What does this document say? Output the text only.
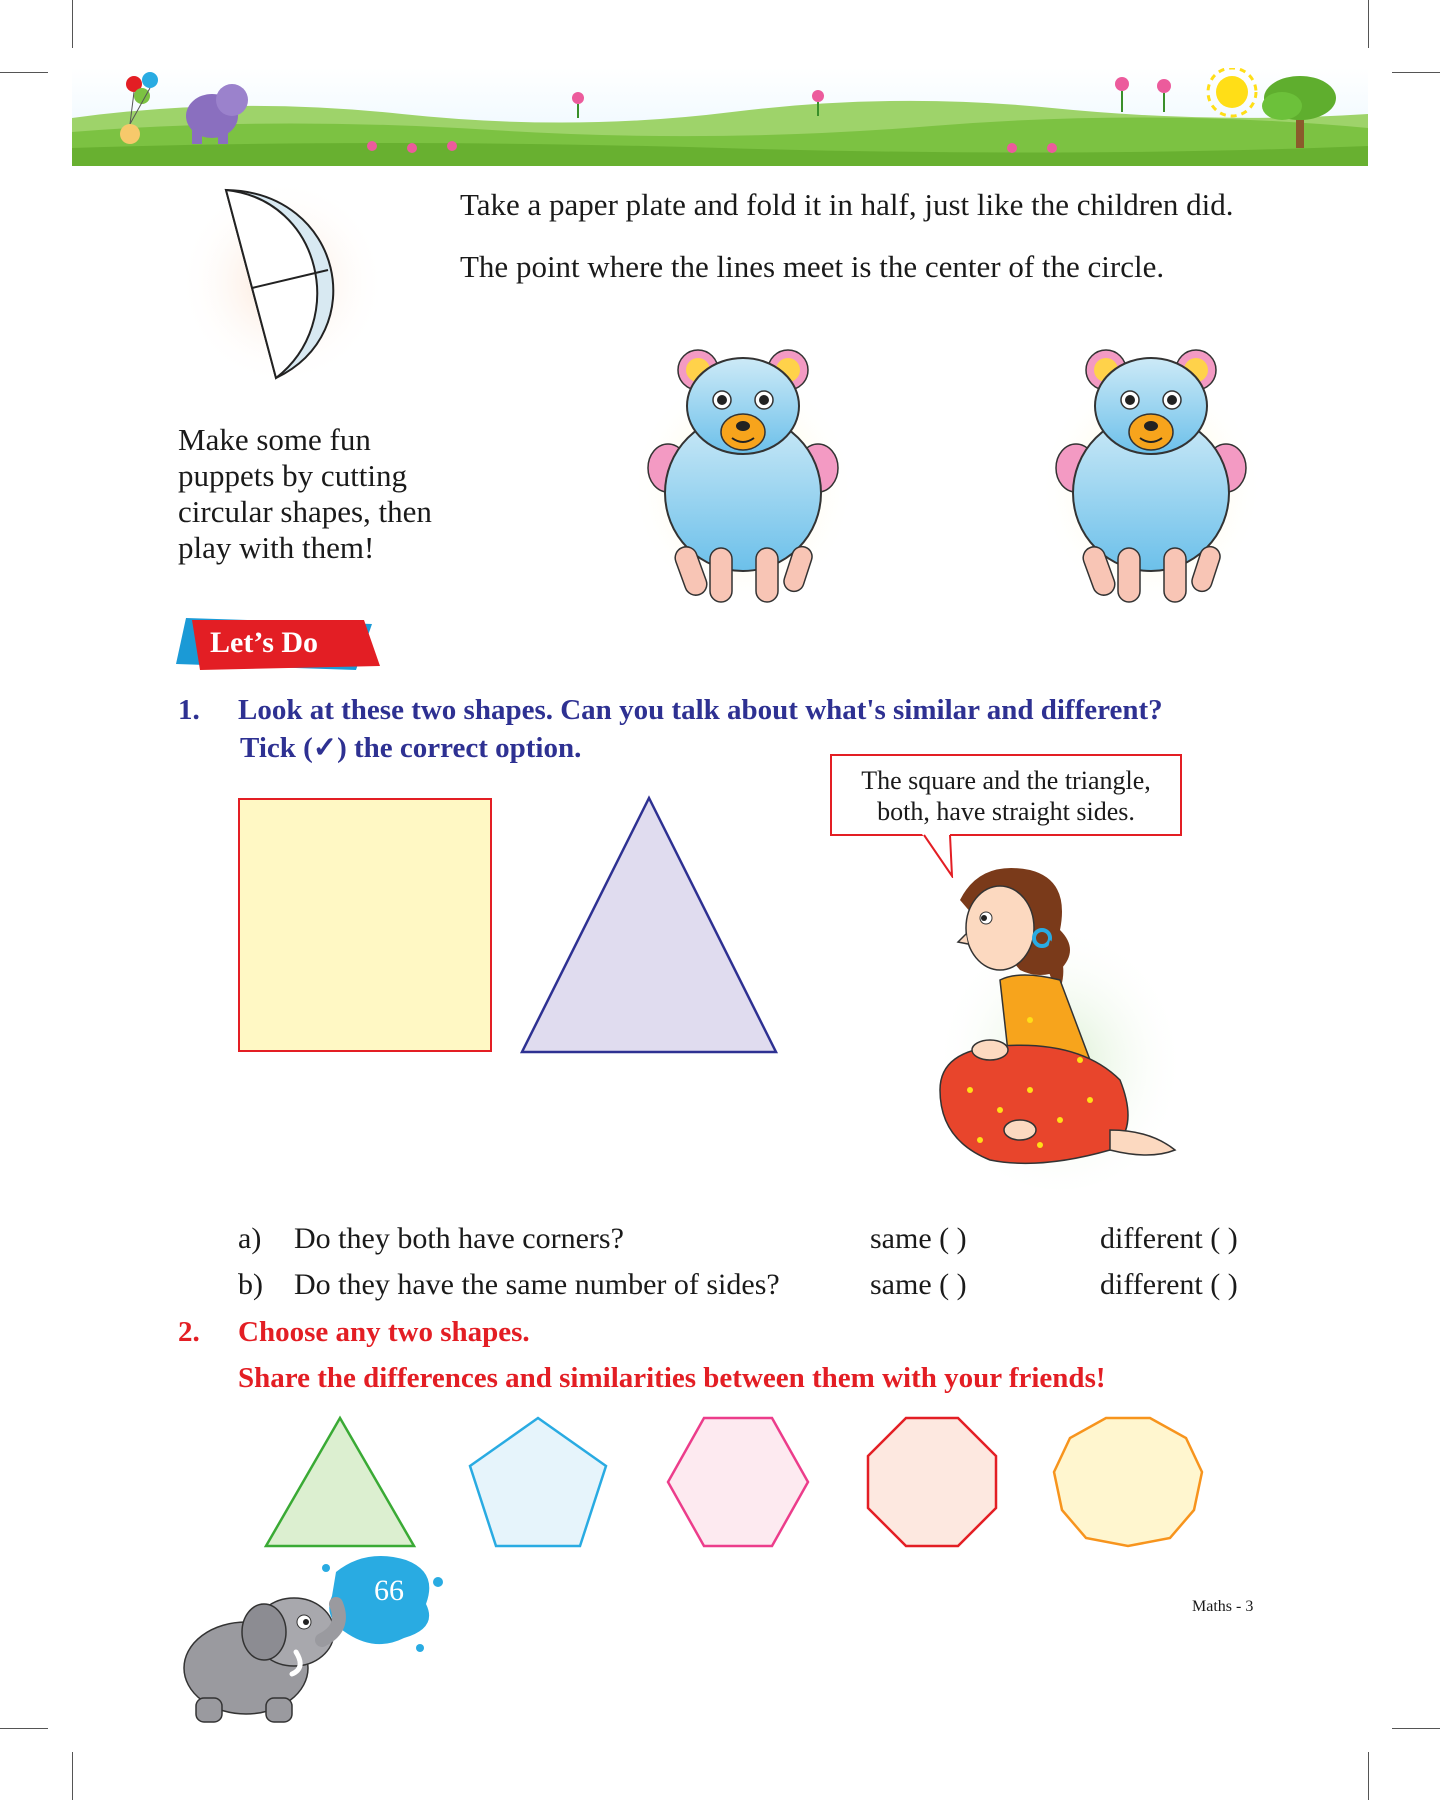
Take a paper plate and fold it in half, just like the children did.
The point where the lines meet is the center of the circle.
Make some fun
puppets by cutting
circular shapes, then
play with them!
Let’s Do
1. Look at these two shapes. Can you talk about what's similar and different?
Tick (✓) the correct option.
The square and the triangle,
both, have straight sides.
a) Do they both have corners?	same ( )	different ( )
b) Do they have the same number of sides?	same ( )	different ( )
2. Choose any two shapes.
Share the differences and similarities between them with your friends!
66	Maths - 3
